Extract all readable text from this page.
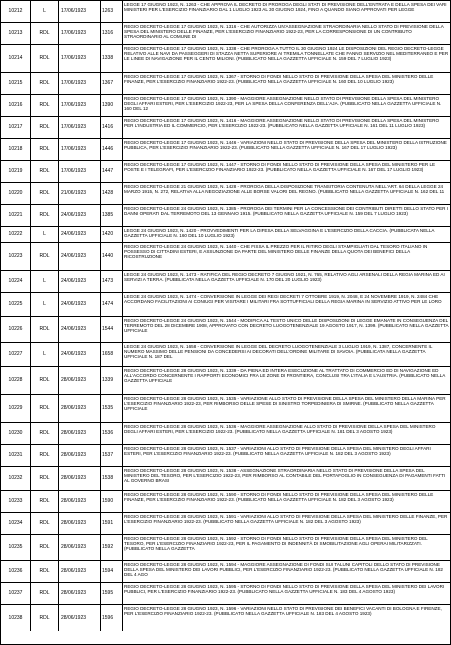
10212	L	17/06/1923	1263
LEGGE 17 GIUGNO 1923, N. 1263 - CHE APPROVA IL DECRETO DI PROROGA DEGLI STATI DI PREVISIONE DELL'ENTRATA E DELLA SPESA DEI VARI MINISTERI PER L'ESERCIZIO FINANZIARIO DAL 1 LUGLIO 1923 AL 30 GIUGNO 1924, FINO A QUANDO SIANO APPROVATI PER LEGGE
10213	RDL	17/06/1923	1316
REGIO DECRETO-LEGGE 17 GIUGNO 1923, N. 1316 - CHE AUTORIZZA UN'ASSEGNAZIONE STRAORDINARIA NELLO STATO DI PREVISIONE DELLA SPESA DEL MINISTERO DELLE FINANZE, PER L'ESERCIZIO FINANZIARIO 1922-23, PER LA CORRESPONSIONE DI UN CONTRIBUTO STRAORDINARIO AL COMUNE DI
10214	RDL	17/06/1923	1338
REGIO DECRETO-LEGGE 17 GIUGNO 1923, N. 1338 - CHE PROROGA A TUTTO IL 30 GIUGNO 1924 LE DISPOSIZIONI DEL REGIO DECRETO-LEGGE RELATIVO ALLE NAVI DA PASSEGGERI DI STAZZA NETTA SUPERIORE AI TREMILA TONNELLATE CHE FANNO SERVIZIO NEL MEDITERRANEO E PER LE LINEE DI NAVIGAZIONE PER IL CENTO MILIONI. (PUBBLICATO NELLA GAZZETTA UFFICIALE N. 159 DEL 7 LUGLIO 1923)
10215	RDL	17/06/1923	1367
REGIO DECRETO-LEGGE 17 GIUGNO 1923, N. 1367 - STORNO DI FONDI NELLO STATO DI PREVISIONE DELLA SPESA DEL MINISTERO DELLE FINANZE, PER L'ESERCIZIO FINANZIARIO 1922-23. (PUBBLICATO NELLA GAZZETTA UFFICIALE N. 160 DEL 10 LUGLIO 1923)
10216	RDL	17/06/1923	1390
REGIO DECRETO-LEGGE 17 GIUGNO 1923, N. 1390 - MAGGIORE ASSEGNAZIONE NELLO STATO DI PREVISIONE DELLA SPESA DEL MINISTERO DEGLI AFFARI ESTERI, PER L'ESERCIZIO 1922-23, PER LA SPESA DELLA CONFERENZA DELL'AJA. (PUBBLICATO NELLA GAZZETTA UFFICIALE N. 160 DEL 12
10217	RDL	17/06/1923	1416
REGIO DECRETO-LEGGE 17 GIUGNO 1923, N. 1416 - MAGGIORE ASSEGNAZIONE NELLO STATO DI PREVISIONE DELLA SPESA DEL MINISTERO PER L'INDUSTRIA ED IL COMMERCIO, PER L'ESERCIZIO 1922-23. (PUBBLICATO NELLA GAZZETTA UFFICIALE N. 161 DEL 11 LUGLIO 1923)
10218	RDL	17/06/1923	1446
REGIO DECRETO-LEGGE 17 GIUGNO 1923, N. 1446 - VARIAZIONI NELLO STATO DI PREVISIONE DELLA SPESA DEL MINISTERO DELLA ISTRUZIONE PUBBLICA, PER L'ESERCIZIO FINANZIARIO 1922-23. (PUBBLICATO NELLA GAZZETTA UFFICIALE N. 167 DEL 17 LUGLIO 1923)
10219	RDL	17/06/1923	1447
REGIO DECRETO-LEGGE 17 GIUGNO 1923, N. 1447 - STORNO DI FONDI NELLO STATO DI PREVISIONE DELLA SPESA DEL MINISTERO PER LE POSTE E I TELEGRAFI, PER L'ESERCIZIO FINANZIARIO 1922-23. (PUBBLICATO NELLA GAZZETTA UFFICIALE N. 167 DEL 17 LUGLIO 1923)
10220	RDL	21/06/1923	1428
REGIO DECRETO-LEGGE 21 GIUGNO 1923, N. 1428 - PROROGA DELLA DISPOSIZIONE TRANSITORIA CONTENUTA NELL'ART. 64 DELLA LEGGE 24 MARZO 1915, N. 272, RELATIVA ALLA NEGOZIAZIONE ALLE BORSE VALORI DEL REGNO. (PUBBLICATO NELLA GAZZETTA UFFICIALE N. 162 DEL 11
10221	RDL	24/06/1923	1385
REGIO DECRETO-LEGGE 24 GIUGNO 1923, N. 1385 - PROROGA DEI TERMINI PER LA CONCESSIONE DEI CONTRIBUTI DIRETTI DELLO STATO PER I DANNI OPERATI DAL TERREMOTO DEL 13 GENNAIO 1915. (PUBBLICATO NELLA GAZZETTA UFFICIALE N. 159 DEL 7 LUGLIO 1923)
10222	L	24/06/1923	1420
LEGGE 24 GIUGNO 1923, N. 1420 - PROVVEDIMENTI PER LA DIFESA DELLA SELVAGGINA E L'ESERCIZIO DELLA CACCIA. (PUBBLICATA NELLA GAZZETTA UFFICIALE N. 160 DEL 10 LUGLIO 1923)
10223	RDL	24/06/1923	1440
REGIO DECRETO-LEGGE 24 GIUGNO 1923, N. 1440 - CHE FISSA IL PREZZO PER IL RITIRO DEGLI STAMPIGLIATI DAL TESORO ITALIANO IN POSSESSO DI CITTADINI ESTERI, E ASSUNZIONE DA PARTE DEL MINISTERO DELLE FINANZE DELLA QUOTA DEI BENEFICI DELLA RICOSTRUZIONE
10224	L	24/06/1923	1473
LEGGE 24 GIUGNO 1923, N. 1473 - RATIFICA DEL REGIO DECRETO 7 GIUGNO 1921, N. 765, RELATIVO AGLI ARSENALI DELLA REGIA MARINA ED AI SERVIZI A TERRA. (PUBBLICATA NELLA GAZZETTA UFFICIALE N. 170 DEL 20 LUGLIO 1923)
10225	L	24/06/1923	1474
LEGGE 24 GIUGNO 1923, N. 1474 - CONVERSIONE IN LEGGE DEI REGI DECRETI 7 OTTOBRE 1919, N. 2048, E 24 NOVEMBRE 1919, N. 2484 CHE ACCORDANO FACILITAZIONI AI CONIUGI PER VISITARE I MILITARI FRA SOTTUFFICIALI DELLA REGIA MARINA IN SERVIZIO ATTIVO PER LE LORO
10226	RDL	24/06/1923	1544
REGIO DECRETO-LEGGE 24 GIUGNO 1923, N. 1544 - MODIFICA AL TESTO UNICO DELLE DISPOSIZIONI DI LEGGE EMANATE IN CONSEGUENZA DEL TERREMOTO DEL 28 DICEMBRE 1908, APPROVATO CON DECRETO LUOGOTENENZIALE 19 AGOSTO 1917, N. 1399. (PUBBLICATO NELLA GAZZETTA UFFICIALE
10227	L	24/06/1923	1658
LEGGE 24 GIUGNO 1923, N. 1658 - CONVERSIONE IN LEGGE DEL DECRETO LUOGOTENENZIALE 3 LUGLIO 1919, N. 1387, CONCERNENTE IL NUMERO MASSIMO DELLE PENSIONI DA CONCEDERSI AI DECORATI DELL'ORDINE MILITARE DI SAVOIA. (PUBBLICATA NELLA GAZZETTA UFFICIALE N. 187 DEL
10228	RDL	28/06/1923	1339
REGIO DECRETO-LEGGE 28 GIUGNO 1923, N. 1339 - DA PIENA ED INTERA ESECUZIONE AL TRATTATO DI COMMERCIO ED DI NAVIGAZIONE ED ALL'ACCORDO CONCERNENTE I RAPPORTI ECONOMICI FRA LE ZONE DI FRONTIERA, CONCLUSI TRA L'ITALIA E L'AUSTRIA. (PUBBLICATO NELLA GAZZETTA UFFICIALE
10229	RDL	28/06/1923	1535
REGIO DECRETO-LEGGE 28 GIUGNO 1923, N. 1535 - VARIAZIONE ALLO STATO DI PREVISIONE DELLA SPESA DEL MINISTERO DELLA MARINA PER L'ESERCIZIO FINANZIARIO 1922-23, PER RIMBORSO DELLE SPESE DI SINISTRO TORPEDINIERA DI SMIRNE. (PUBBLICATO NELLA GAZZETTA UFFICIALE
10230	RDL	28/06/1923	1536
REGIO DECRETO-LEGGE 28 GIUGNO 1923, N. 1536 - MAGGIORE ASSEGNAZIONE ALLO STATO DI PREVISIONE DELLA SPESA DEL MINISTERO DEGLI AFFARI ESTERI, PER L'ESERCIZIO 1922-23. (PUBBLICATO NELLA GAZZETTA UFFICIALE N. 181 DEL 3 AGOSTO 1923)
10231	RDL	28/06/1923	1537
REGIO DECRETO-LEGGE 28 GIUGNO 1923, N. 1537 - VARIAZIONI ALLO STATO DI PREVISIONE DELLA SPESA DEL MINISTERO DEGLI AFFARI ESTERI, PER L'ESERCIZIO FINANZIARIO 1922-23. (PUBBLICATO NELLA GAZZETTA UFFICIALE N. 182 DEL 3 AGOSTO 1923)
10232	RDL	28/06/1923	1538
REGIO DECRETO-LEGGE 28 GIUGNO 1923, N. 1538 - ASSEGNAZIONE STRAORDINARIA NELLO STATO DI PREVISIONE DELLA SPESA DEL MINISTERO DEL TESORO, PER L'ESERCIZIO 1922-23, PER RIMBORSO AL CONTABILE DEL PORTAFOGLIO IN CONSEGUENZA DI PAGAMENTI FATTI AL GOVERNO BRASI
10233	RDL	28/06/1923	1590
REGIO DECRETO-LEGGE 28 GIUGNO 1923, N. 1590 - STORNO DI FONDI NELLO STATO DI PREVISIONE DELLA SPESA DEL MINISTERO DELLE FINANZE, PER L'ESERCIZIO FINANZIARIO 1922-23. (PUBBLICATO NELLA GAZZETTA UFFICIALE N. 182 DEL 3 AGOSTO 1923)
10234	RDL	28/06/1923	1591
REGIO DECRETO-LEGGE 28 GIUGNO 1923, N. 1591 - VARIAZIONI ALLO STATO DI PREVISIONE DELLA SPESA DEL MINISTERO DELLE FINANZE, PER L'ESERCIZIO FINANZIARIO 1922-23. (PUBBLICATO NELLA GAZZETTA UFFICIALE N. 182 DEL 3 AGOSTO 1923)
10235	RDL	28/06/1923	1592
REGIO DECRETO-LEGGE 28 GIUGNO 1923, N. 1592 - STORNO DI FONDI NELLO STATO DI PREVISIONE DELLA SPESA DEL MINISTERO DEL TESORO, PER L'ESERCIZIO FINANZIARIO 1922-23, PER IL PAGAMENTO DI INDENNITÀ DI SMOBILITAZIONE AGLI OPERAI MILITARIZZATI. (PUBBLICATO NELLA GAZZETTA
10236	RDL	28/06/1923	1594
REGIO DECRETO-LEGGE 28 GIUGNO 1923, N. 1594 - MAGGIORE ASSEGNAZIONE DI FONDI SUI TALUNI CAPITOLI DELLO STATO DI PREVISIONE DELLA SPESA DEL MINISTERO DEI LAVORI PUBBLICI, PER L'ESERCIZIO FINANZIARIO 1922-23. (PUBBLICATO NELLA GAZZETTA UFFICIALE N. 182 DEL 4 AGO
10237	RDL	28/06/1923	1595
REGIO DECRETO-LEGGE 28 GIUGNO 1923, N. 1595 - STORNO DI FONDI NELLO STATO DI PREVISIONE DELLA SPESA DEL MINISTERO DEI LAVORI PUBBLICI, PER L'ESERCIZIO FINANZIARIO 1922-23. (PUBBLICATO NELLA GAZZETTA UFFICIALE N. 183 DEL 4 AGOSTO 1923)
10238	RDL	28/06/1923	1596
REGIO DECRETO-LEGGE 28 GIUGNO 1923, N. 1596 - VARIAZIONI NELLO STATO DI PREVISIONE DEI BENEFICI VACANTI DI BOLOGNA E FIRENZE, PER L'ESERCIZIO FINANZIARIO 1922-23. (PUBBLICATO NELLA GAZZETTA UFFICIALE N. 183 DEL 4 AGOSTO 1923)
